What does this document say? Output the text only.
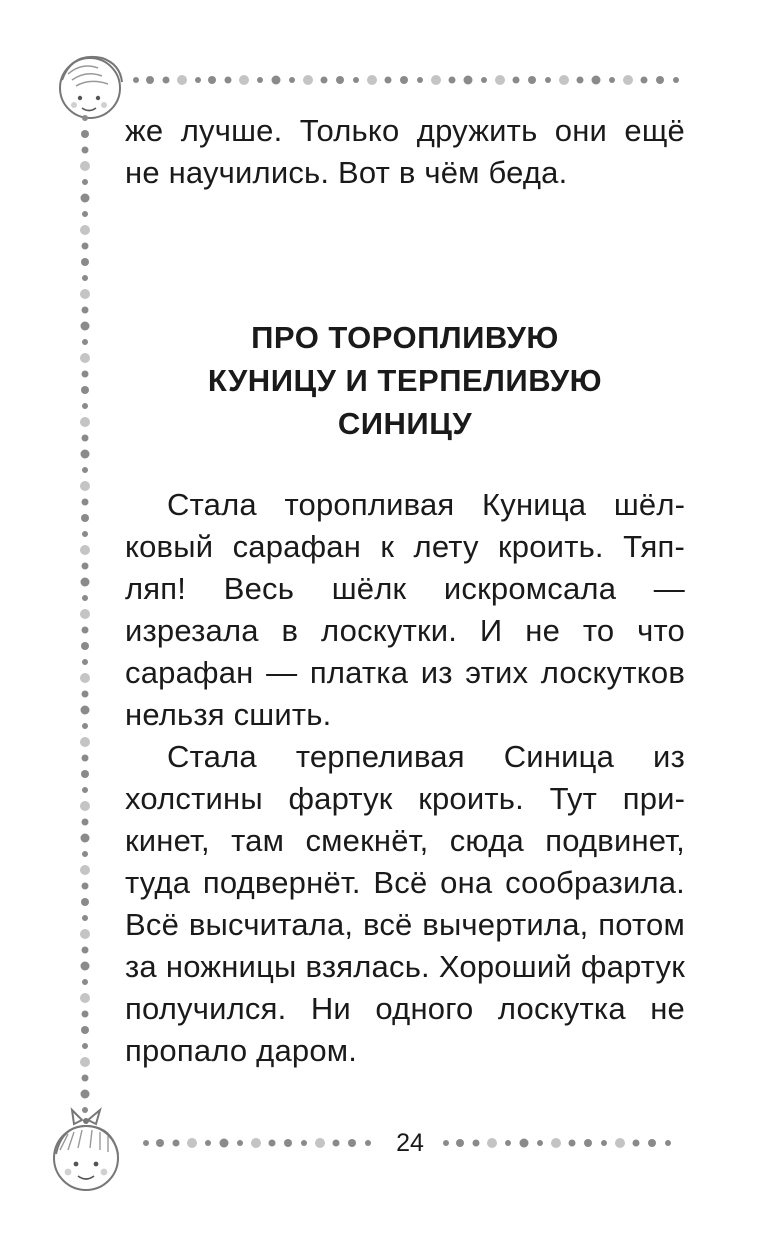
же лучше. Только дружить они ещё не научились. Вот в чём беда.

ПРО ТОРОПЛИВУЮ
КУНИЦУ И ТЕРПЕЛИВУЮ
СИНИЦУ

Стала торопливая Куница шёлковый сарафан к лету кроить. Тяп-ляп! Весь шёлк искромсала — изрезала в лоскутки. И не то что сарафан — платка из этих лоскутков нельзя сшить.

Стала терпеливая Синица из холстины фартук кроить. Тут прикинет, там смекнёт, сюда подвинет, туда подвернёт. Всё она сообразила. Всё высчитала, всё вычертила, потом за ножницы взялась. Хороший фартук получился. Ни одного лоскутка не пропало даром.

24
